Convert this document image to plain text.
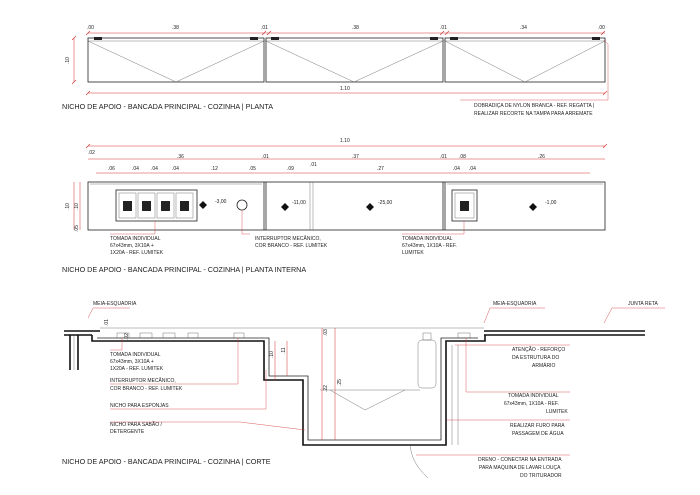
.00	.38	.01	.38	.01	.34	.00
.10
1.10
DOBRADIÇA DE NYLON BRANCA - REF. REGATTA |
REALIZAR RECORTE NA TAMPA PARA ARREMATE
NICHO DE APOIO - BANCADA PRINCIPAL - COZINHA | PLANTA
1.10
.02
.36	.01	.37	.01 .08	.26
.06	.04 .04	.04	.12	.05	.09
.01
.27	.04 .04
.10 .10
.05
-3,00	-11,00	-25,00	-1,00
TOMADA INDIVIDUAL
67x43mm, 3X10A +
1X20A - REF. LUMITEK
INTERRUPTOR MECÂNICO,
COR BRANCO - REF. LUMITEK
TOMADA INDIVIDUAL
67x43mm, 1X10A - REF.
LUMITEK
NICHO DE APOIO - BANCADA PRINCIPAL - COZINHA | PLANTA INTERNA
MEIA-ESQUADRIA	MEIA-ESQUADRIA	JUNTA RETA
.01
.02
.10
.11
.22
.25
.03
TOMADA INDIVIDUAL
67x43mm, 3X10A +
1X20A - REF. LUMITEK
INTERRUPTOR MECÂNICO,
COR BRANCO - REF. LUMITEK
NICHO PARA ESPONJAS
NICHO PARA SABÃO /
DETERGENTE
ATENÇÃO - REFORÇO
DA ESTRUTURA DO
ARMÁRIO
TOMADA INDIVIDUAL
67x43mm, 1X10A - REF.
LUMITEK
REALIZAR FURO PARA
PASSAGEM DE ÁGUA
DRENO - CONECTAR NA ENTRADA
PARA MAQUINA DE LAVAR LOUÇA
DO TRITURADOR
NICHO DE APOIO - BANCADA PRINCIPAL - COZINHA | CORTE
